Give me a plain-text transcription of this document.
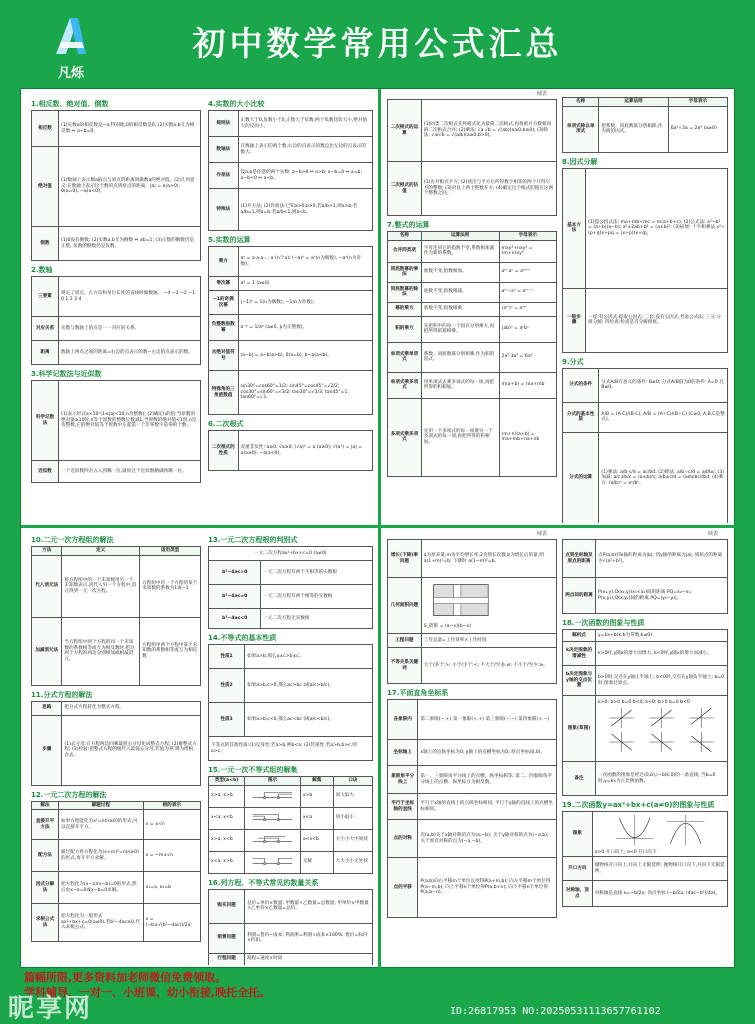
凡烁
初中数学常用公式汇总
1.相反数、绝对值、倒数
相反数	(1)实数a的相反数是−a,特别地,0的相反数是0; (2)实数a,b互为相反数 ⇔ a+b=0。
绝对值	(1)数轴上表示数a的点与原点的距离叫做数a的绝对值。(2)几何意义:在数轴上表示这个数的点到原点的距离。|a| = a(a>0), 0(a=0), −a(a<0)。
倒数	(1)0没有倒数; (2)实数a,b互为倒数 ⇔ ab=1; (3)正数的倒数仍是正数, 负数的倒数仍是负数。
2.数轴
三要素	规定了原点、正方向和单位长度的直线叫做数轴。 −4 −3 −2 −1 0 1 2 3 4
对应关系	实数与数轴上的点是一一对应的关系。
距离	数轴上两点之间的距离=右边的点表示的数−左边的点表示的数。
3.科学记数法与近似数
科学记数法	(1)表示形式a×10ⁿ(1≤|a|<10,n为整数); (2)确定n的值:当原数的绝对值≥10时,n等于原数的整数位数减1;当原数的绝对值<1时,n是负整数,它的绝对值等于原数中左起第一个非零数字前零的个数。
近似数	一个近似数四舍五入到哪一位,就说这个近似数精确到哪一位。
4.实数的大小比较
规则法	正数大于0,负数小于0,正数大于负数;两个负数比较大小,绝对值大的反而小。
数轴法	在数轴上表示的两个数,右边的点表示的数总比左边的点表示的数大。
作差法	设a,b是任意的两个实数: a−b>0 ⇔ a>b; a−b=0 ⇔ a=b; a−b<0 ⇔ a<b。
特殊法	(1)开方法; (2)作商法:已知a>0,b>0,若a/b>1,则a>b;若a/b=1,则a=b;若a/b<1,则a<b。
5.实数的运算
乘方	aⁿ = a·a·a·…·a (n个a); (−a)ⁿ = aⁿ(n为偶数), −aⁿ(n为奇数)。
零次幂	a⁰ = 1 (a≠0)
−1的奇偶次幂	(−1)ⁿ = 1(n为偶数), −1(n为奇数)。
负整数指数幂	a⁻ᵖ = 1/aᵖ (a≠0, p为正整数)。
去绝对值符号	|a−b| = a−b(a>b), 0(a=b), b−a(a<b)。
特殊角的三角函数值	sin30°=cos60°=1/2; sin45°=cos45°=√2/2; cos30°=sin60°=√3/2; tan30°=√3/3; tan45°=1; tan60°=√3。
6.二次根式
二次根式的性质	双重非负性: a≥0, √a≥0; (√a)² = a (a≥0); √(a²) = |a| = a(a≥0), −a(a<0)。
续表
二次根式的运算	(1)同类二次根式先将根式化为最简二次根式,再将被开方数相同的二次根式合并; (2)乘法: √a·√b = √(ab)(a≥0,b≥0); (3)除法: √a/√b = √(a/b)(a≥0,b>0)。
二次根式的估值	(1)先对根式平方; (2)找出与平方后所得数字相邻的两个开得尽方的整数; (3)对以上两个整数开方; (4)确定这个根式的值在这两个整数之间。
7.整式的运算
名称	运算法则	字母表示
合并同类项	字母连同它的指数不变,系数相加减作为新的系数。	mxy²+nxy² = (m+n)xy²
同底数幂的乘法	底数不变,指数相加。	aᵐ·aⁿ = aᵐ⁺ⁿ
同底数幂的除法	底数不变,指数相减。	aᵐ÷aⁿ = aᵐ⁻ⁿ
幂的乘方	底数不变,指数相乘。	(aᵐ)ⁿ = aᵐⁿ
积的乘方	先把积中的每一个因式分别乘方,再把所得的幂相乘。	(ab)ⁿ = aⁿbⁿ
单项式乘单项式	系数、同底数幂分别相乘,作为积的因式。	2a²·3a³ = 6a⁵
单项式乘多项式	用单项式去乘多项式的每一项,再把所得的积相加。	m(a+b) = ma+mb
多项式乘多项式	先用一个多项式的每一项乘另一个多项式的每一项,再把所得的积相加。	(m+n)(a+b) = ma+mb+na+nb
名称	运算法则	字母表示
单项式除以单项式	把系数、同底数幂分别相除,作为商的因式。	6a⁵÷3a = 2a⁴ (a≠0)
8.因式分解
基本方法	(1)提公因式法: ma+mb+mc = m(a+b+c); (2)公式法: a²−b² = (a+b)(a−b); a²±2ab+b² = (a±b)²; (3)拓展: 十字相乘法 x²+(p+q)x+pq = (x+p)(x+q)。
一般步骤	一提:有公因式,提取公因式; 二套:没有公因式,考虑公式法; 三分:分组分解; 四检查:检查是否分解彻底。
9.分式
分式的条件	分式A/B有意义的条件: B≠0; 分式A/B值为0的条件: A=0 且 B≠0。
分式的基本性质	A/B = (A·C)/(B·C), A/B = (A÷C)/(B÷C) (C≠0, A,B,C是整式)。
分式的运算	(1)乘法: a/b·c/d = ac/bd; (2)除法: a/b÷c/d = ad/bc; (3)加减: a/c±b/c = (a±b)/c; a/b±c/d = (ad±bc)/bd; (4)乘方: (a/b)ⁿ = aⁿ/bⁿ。
10.二元一次方程组的解法
方法	定义	适用类型
代入消元法	将方程组中的一个未知数用另一个未知数表示,再代入另一个方程中,消元得到一元一次方程。	方程组中有一个方程的某个未知数的系数为1或−1
加减消元法	当方程组中两个方程的同一个未知数的系数相等或互为相反数时,把这两个方程的两边分别相加或相减消元。	方程组中两个方程中某个未知数的系数相等或互为相反数
11.分式方程的解法
思路	把分式方程转化为整式方程。
步骤	(1)去分母:在方程两边同乘最简公分母化成整式方程; (2)解整式方程; (3)检验:把整式方程的根代入最简公分母,若值为零,则为增根,舍去。
12.一元二次方程的解法
解法	解题过程	根的表示
直接开平方法	如果方程能化为x²=n(n≥0)的形式,可以直接开平方。	x = ±√n
配方法	通过配方将方程化为(x+m)²=n(n≥0)的形式,再开平方求解。	x = −m±√n
因式分解法	把方程化为(x−a)(x−b)=0的形式,然后由x−a=0或x−b=0求解。	x₁=a, x₂=b
求根公式法	把方程化为一般形式ax²+bx+c=0(a≠0),若b²−4ac≥0,代入求根公式。	x = (−b±√(b²−4ac))/2a
13.一元二次方程根的判别式
一元二次方程ax²+bx+c=0 (a≠0)	
b²−4ac>0	一元二次方程有两个不相等的实数根
b²−4ac=0	一元二次方程有两个相等的实数根
b²−4ac<0	一元二次方程无实数根
14.不等式的基本性质
性质1	如果a>b,那么a±c>b±c。
性质2	如果a>b,c>0,那么ac>bc (或a/c>b/c)。
性质3	如果a>b,c<0,那么ac<bc (或a/c<b/c)。
不等式的其他性质:(1)反身性:若a>b,则b<a; (2)传递性:若a>b,b>c,则a>c。	
15.一元一次不等式组的解集
类型(a<b)	图示	解集	口诀
x>a, x>b		x>b	同大取大
x<a, x<b		x<a	同小取小
x>a, x<b		a<x<b	大小小大中间找
x<a, x>b		无解	大大小小无处找
16.列方程、不等式常见的数量关系
购买问题	总价=单价×数量; 甲数量+乙数量=总数量; 甲单价×甲数量+乙单价×乙数量=总价。
销售问题	利润=售价−成本; 利润率=利润÷成本×100%; 售价=标价×折扣。
行程问题	路程=速度×时间
续表
增长(下降)率问题	a为原来量,m为平均增长率,2为增长次数,b为增长后的量,则 a(1+m)²=b; 下降时 a(1−m)²=b。
几何面积问题	S_阴影 = (a−x)(b−x)
工程问题	工作总量=工作效率×工作时间
不等关系关键词	大于/多于:>; 小于/少于:<; 不大于/至多:≤; 不小于/至少:≥。
17.平面直角坐标系
各象限内	第二象限(−,+) 第一象限(+,+) 第三象限(−,−) 第四象限(+,−)
坐标轴上	x轴上的点纵坐标为0; y轴上的点横坐标为0; 原点坐标(0,0)。
象限角平分线上	第一、三象限角平分线上的点横、纵坐标相等; 第二、四象限角平分线上的点横、纵坐标互为相反数。
平行于坐标轴的直线	平行于x轴的直线上的点纵坐标相同; 平行于y轴的直线上的点横坐标相同。
点的对称	点(a,b)关于x轴对称的点为(a,−b); 关于y轴对称的点为(−a,b); 关于原点对称的点为(−a,−b)。
点的平移	P(a,b)向右平移m个单位长度得P(a+m,b); 向左平移m个单位得P(a−m,b); 向上平移n个单位得P(a,b+n); 向下平移n个单位得P(a,b−n)。
续表
点到坐标轴及原点的距离	点P(a,b)到x轴的距离为|b|; 到y轴的距离为|a|; 到原点的距离为√(a²+b²)。
两点间的距离	P(x₁,y),Q(x₂,y)(x₁<x₂)间的距离 PQ=x₂−x₁; P(x,y₁),Q(x,y₂)间的距离 PQ=|y₁−y₂|。
18.一次函数的图象与性质
解析式	y=kx+b(k,b为常数,k≠0)
k决定图象的增减性	k>0时,y随x的增大而增大; k<0时,y随x的增大而减小。
b决定图象与y轴的交点位置	b>0时,交点在y轴正半轴上; b<0时,交点在y轴负半轴上; b=0时,图象过原点。
图象(草图)	k>0: b>0 b=0 b<0; k<0: b>0 b=0 b<0
备注	一次函数的图象是经过(0,b),(−b/k,0)的一条直线; 当b=0时,y=kx为正比例函数。
19.二次函数y=ax²+bx+c(a≠0)的图象与性质
图象	a>0 开口向上; a<0 开口向下
开口方向	抛物线开口向上,并向上无限延伸; 抛物线开口向下,并向下无限延伸。
对称轴、顶点	对称轴是直线 x=−b/2a; 顶点坐标 (−b/2a, (4ac−b²)/4a)。
篇幅所限,更多资料加老师微信免费领取。
学科辅导、一对一、小班课、幼小衔接,晚托全托。
昵享网	ID:26817953 NO:20250531113657761102
